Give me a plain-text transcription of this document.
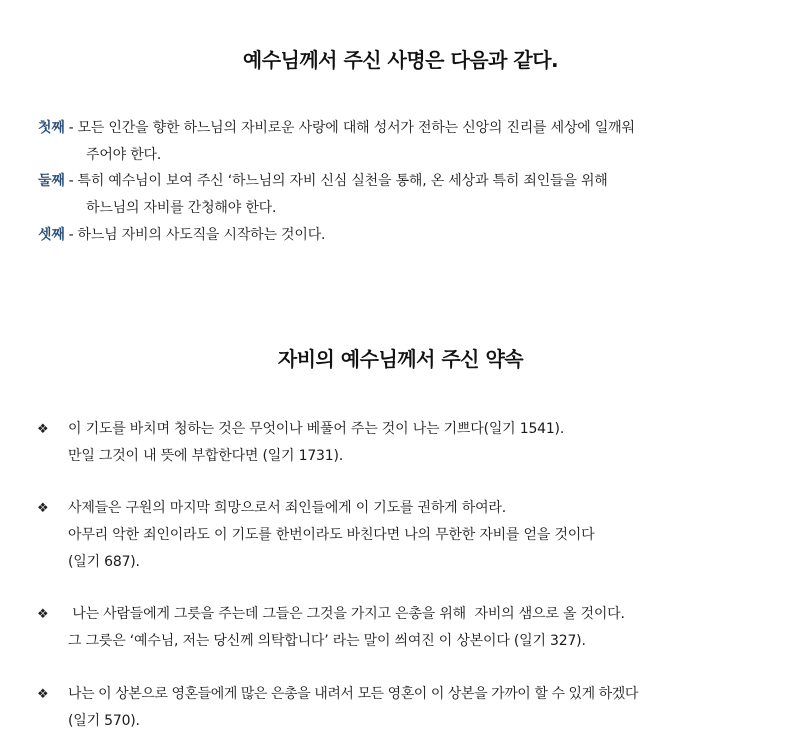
예수님께서 주신 사명은 다음과 같다.
첫째 - 모든 인간을 향한 하느님의 자비로운 사랑에 대해 성서가 전하는 신앙의 진리를 세상에 일깨워
주어야 한다.
둘째 - 특히 예수님이 보여 주신 ‘하느님의 자비 신심 실천을 통해, 온 세상과 특히 죄인들을 위해
하느님의 자비를 간청해야 한다.
셋째 - 하느님 자비의 사도직을 시작하는 것이다.
자비의 예수님께서 주신 약속
❖ 이 기도를 바치며 청하는 것은 무엇이나 베풀어 주는 것이 나는 기쁘다(일기 1541).
만일 그것이 내 뜻에 부합한다면 (일기 1731).
❖ 사제들은 구원의 마지막 희망으로서 죄인들에게 이 기도를 권하게 하여라.
아무리 악한 죄인이라도 이 기도를 한번이라도 바친다면 나의 무한한 자비를 얻을 것이다
(일기 687).
❖ 나는 사람들에게 그릇을 주는데 그들은 그것을 가지고 은총을 위해  자비의 샘으로 올 것이다.
그 그릇은 ‘예수님, 저는 당신께 의탁합니다’ 라는 말이 씌여진 이 상본이다 (일기 327).
❖ 나는 이 상본으로 영혼들에게 많은 은총을 내려서 모든 영혼이 이 상본을 가까이 할 수 있게 하겠다
(일기 570).
